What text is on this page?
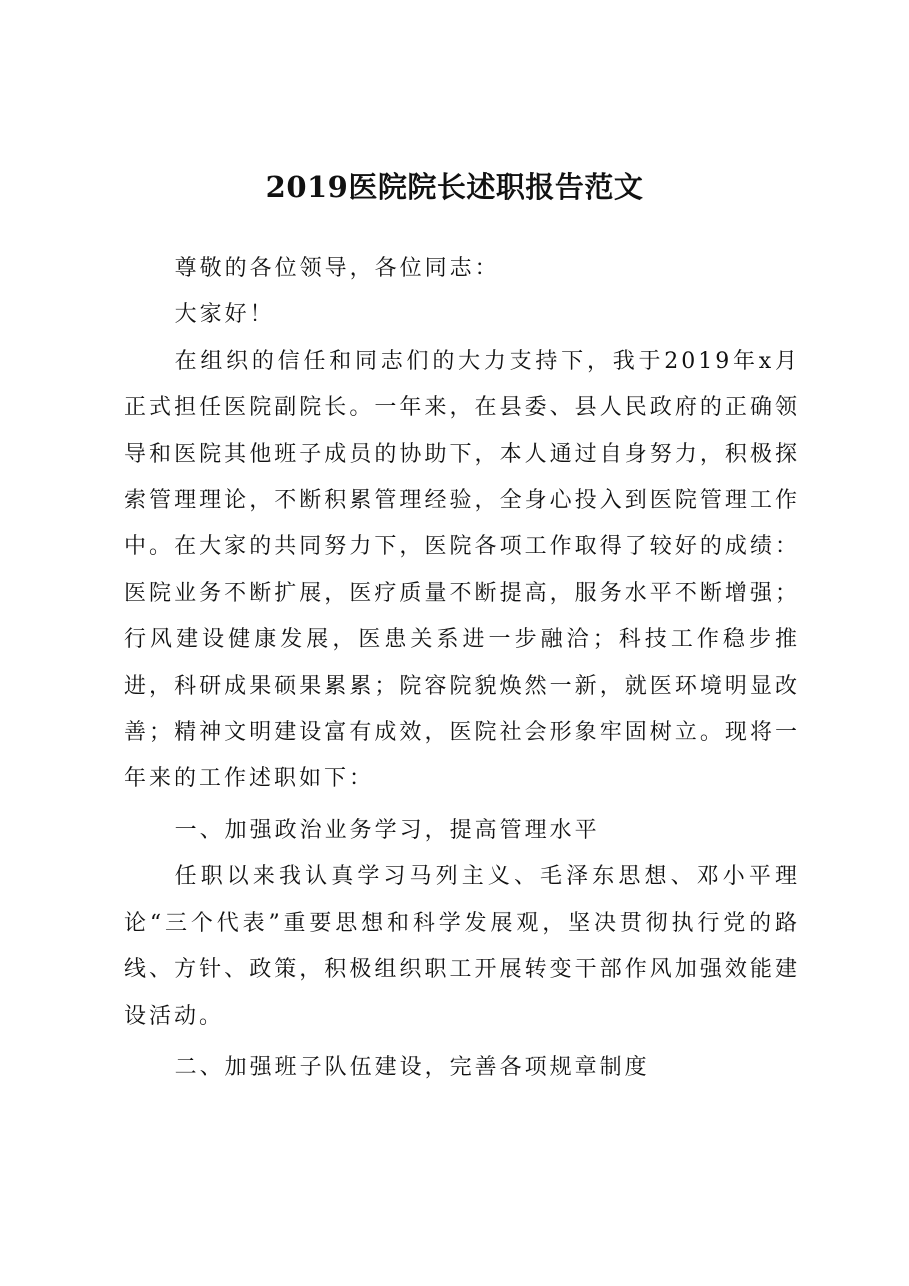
2019医院院长述职报告范文

尊敬的各位领导，各位同志：

大家好！

在组织的信任和同志们的大力支持下，我于2019年x月正式担任医院副院长。一年来，在县委、县人民政府的正确领导和医院其他班子成员的协助下，本人通过自身努力，积极探索管理理论，不断积累管理经验，全身心投入到医院管理工作中。在大家的共同努力下，医院各项工作取得了较好的成绩：医院业务不断扩展，医疗质量不断提高，服务水平不断增强；行风建设健康发展，医患关系进一步融洽；科技工作稳步推进，科研成果硕果累累；院容院貌焕然一新，就医环境明显改善；精神文明建设富有成效，医院社会形象牢固树立。现将一年来的工作述职如下：

一、加强政治业务学习，提高管理水平

任职以来我认真学习马列主义、毛泽东思想、邓小平理论“三个代表”重要思想和科学发展观，坚决贯彻执行党的路线、方针、政策，积极组织职工开展转变干部作风加强效能建设活动。

二、加强班子队伍建设，完善各项规章制度
